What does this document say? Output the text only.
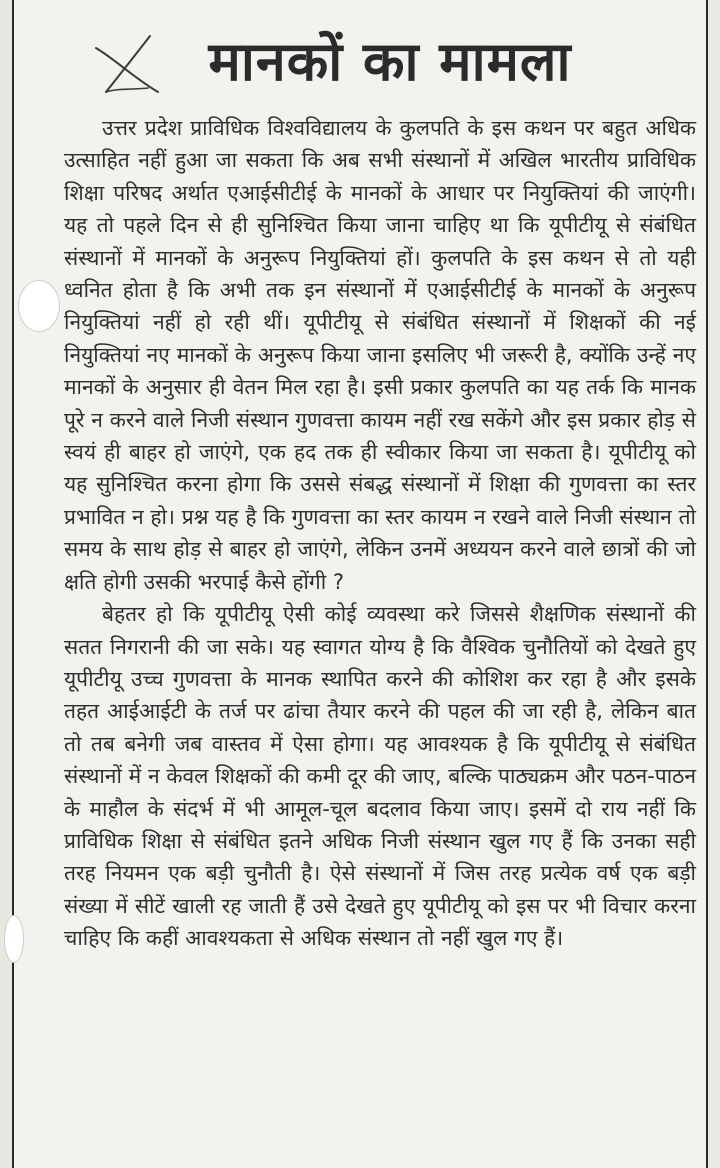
मानकों का मामला

उत्तर प्रदेश प्राविधिक विश्वविद्यालय के कुलपति के इस कथन पर बहुत अधिक उत्साहित नहीं हुआ जा सकता कि अब सभी संस्थानों में अखिल भारतीय प्राविधिक शिक्षा परिषद अर्थात एआईसीटीई के मानकों के आधार पर नियुक्तियां की जाएंगी। यह तो पहले दिन से ही सुनिश्चित किया जाना चाहिए था कि यूपीटीयू से संबंधित संस्थानों में मानकों के अनुरूप नियुक्तियां हों। कुलपति के इस कथन से तो यही ध्वनित होता है कि अभी तक इन संस्थानों में एआईसीटीई के मानकों के अनुरूप नियुक्तियां नहीं हो रही थीं। यूपीटीयू से संबंधित संस्थानों में शिक्षकों की नई नियुक्तियां नए मानकों के अनुरूप किया जाना इसलिए भी जरूरी है, क्योंकि उन्हें नए मानकों के अनुसार ही वेतन मिल रहा है। इसी प्रकार कुलपति का यह तर्क कि मानक पूरे न करने वाले निजी संस्थान गुणवत्ता कायम नहीं रख सकेंगे और इस प्रकार होड़ से स्वयं ही बाहर हो जाएंगे, एक हद तक ही स्वीकार किया जा सकता है। यूपीटीयू को यह सुनिश्चित करना होगा कि उससे संबद्ध संस्थानों में शिक्षा की गुणवत्ता का स्तर प्रभावित न हो। प्रश्न यह है कि गुणवत्ता का स्तर कायम न रखने वाले निजी संस्थान तो समय के साथ होड़ से बाहर हो जाएंगे, लेकिन उनमें अध्ययन करने वाले छात्रों की जो क्षति होगी उसकी भरपाई कैसे होंगी ?

बेहतर हो कि यूपीटीयू ऐसी कोई व्यवस्था करे जिससे शैक्षणिक संस्थानों की सतत निगरानी की जा सके। यह स्वागत योग्य है कि वैश्विक चुनौतियों को देखते हुए यूपीटीयू उच्च गुणवत्ता के मानक स्थापित करने की कोशिश कर रहा है और इसके तहत आईआईटी के तर्ज पर ढांचा तैयार करने की पहल की जा रही है, लेकिन बात तो तब बनेगी जब वास्तव में ऐसा होगा। यह आवश्यक है कि यूपीटीयू से संबंधित संस्थानों में न केवल शिक्षकों की कमी दूर की जाए, बल्कि पाठ्यक्रम और पठन-पाठन के माहौल के संदर्भ में भी आमूल-चूल बदलाव किया जाए। इसमें दो राय नहीं कि प्राविधिक शिक्षा से संबंधित इतने अधिक निजी संस्थान खुल गए हैं कि उनका सही तरह नियमन एक बड़ी चुनौती है। ऐसे संस्थानों में जिस तरह प्रत्येक वर्ष एक बड़ी संख्या में सीटें खाली रह जाती हैं उसे देखते हुए यूपीटीयू को इस पर भी विचार करना चाहिए कि कहीं आवश्यकता से अधिक संस्थान तो नहीं खुल गए हैं।
